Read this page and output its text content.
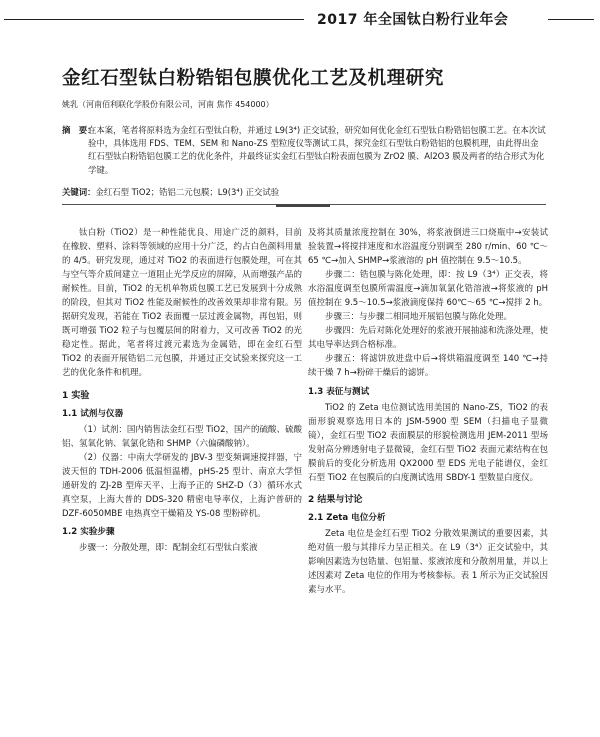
2017 年全国钛白粉行业年会
金红石型钛白粉锆铝包膜优化工艺及机理研究
姚乳（河南佰利联化学股份有限公司，河南 焦作 454000）
摘　要：
在本案，笔者将原料选为金红石型钛白粉，并通过 L9(3⁴) 正交试验，研究如何优化金红石型钛白粉锆铝包膜工艺。在本次试验中，具体选用 FDS、TEM、SEM 和 Nano-ZS 型粒度仪等测试工具，探究金红石型钛白粉锆铝的包膜机理，由此得出金红石型钛白粉锆铝包膜工艺的优化条件，并最终证实金红石型钛白粉表面包膜为 ZrO2 膜、Al2O3 膜及两者的结合形式为化学键。
关键词：金红石型 TiO2；锆铝二元包膜；L9(3⁴) 正交试验

钛白粉（TiO2）是一种性能优良、用途广泛的颜料，目前在橡胶、塑料、涂料等领域的应用十分广泛，约占白色颜料用量的 4/5。研究发现，通过对 TiO2 的表面进行包膜处理，可在其与空气等介质间建立一道阻止光学反应的屏障，从而增强产品的耐候性。目前，TiO2 的无机单物质包膜工艺已发展到十分成熟的阶段，但其对 TiO2 性能及耐候性的改善效果却非常有限。另据研究发现，若能在 TiO2 表面覆一层过渡金属物，再包铝，则既可增强 TiO2 粒子与包覆层间的附着力，又可改善 TiO2 的光稳定性。据此，笔者将过渡元素选为金属锆，即在金红石型 TiO2 的表面开展锆铝二元包膜，并通过正交试验来探究这一工艺的优化条件和机理。

1 实验
1.1 试剂与仪器

（1）试剂：国内销售法金红石型 TiO2，国产的硫酸、硫酸铝、氢氧化钠、氧氯化锆和 SHMP（六偏磷酸钠）。

（2）仪器：中南大学研发的 JBV-3 型变频调速搅拌器，宁波天恒的 TDH-2006 低温恒温槽，pHS-25 型计、南京大学恒通研发的 ZJ-2B 型库天平、上海予正的 SHZ-D（3）循环水式真空泵，上海大普的 DDS-320 精密电导率仪，上海沪普研的 DZF-6050MBE 电热真空干燥箱及 YS-08 型粉碎机。

1.2 实验步骤

步骤一：分散处理，即：配制金红石型钛白浆液

及将其质量浓度控制在 30%，将浆液倒进三口烧瓶中→安装试验装置→将搅拌速度和水浴温度分别调至 280 r/min、60 ℃～65 ℃→加入 SHMP→浆液溶的 pH 值控制在 9.5～10.5。

步骤二：锆包膜与陈化处理，即：按 L9（3⁴）正交表，将水浴温度调至包膜所需温度→滴加氧氯化锆溶液→将浆液的 pH 值控制在 9.5～10.5→浆液滴度保持 60℃～65 ℃→搅拌 2 h。

步骤三：与步骤二相同地开展铝包膜与陈化处理。

步骤四：先后对陈化处理好的浆液开展抽滤和洗涤处理，使其电导率达到合格标准。

步骤五：将滤饼放进盘中后→将烘箱温度调至 140 ℃→持续干燥 7 h→粉碎干燥后的滤饼。

1.3 表征与测试

TiO2 的 Zeta 电位测试选用美国的 Nano-ZS，TiO2 的表面形貌观察选用日本的 JSM-5900 型 SEM（扫描电子显微镜），金红石型 TiO2 表面膜层的形貌检测选用 JEM-2011 型场发射高分辨透射电子显微镜，金红石型 TiO2 表面元素结构在包膜前后的变化分析选用 QX2000 型 EDS 光电子能谱仪，金红石型 TiO2 在包膜后的白度测试选用 SBDY-1 型数显白度仪。

2 结果与讨论
2.1 Zeta 电位分析

Zeta 电位是金红石型 TiO2 分散效果测试的重要因素，其绝对值一般与其排斥力呈正相关。在 L9（3⁴）正交试验中，其影响因素选为包锆量、包铝量、浆液浓度和分散剂用量，并以上述因素对 Zeta 电位的作用为考核参标。表 1 所示为正交试验因素与水平。
